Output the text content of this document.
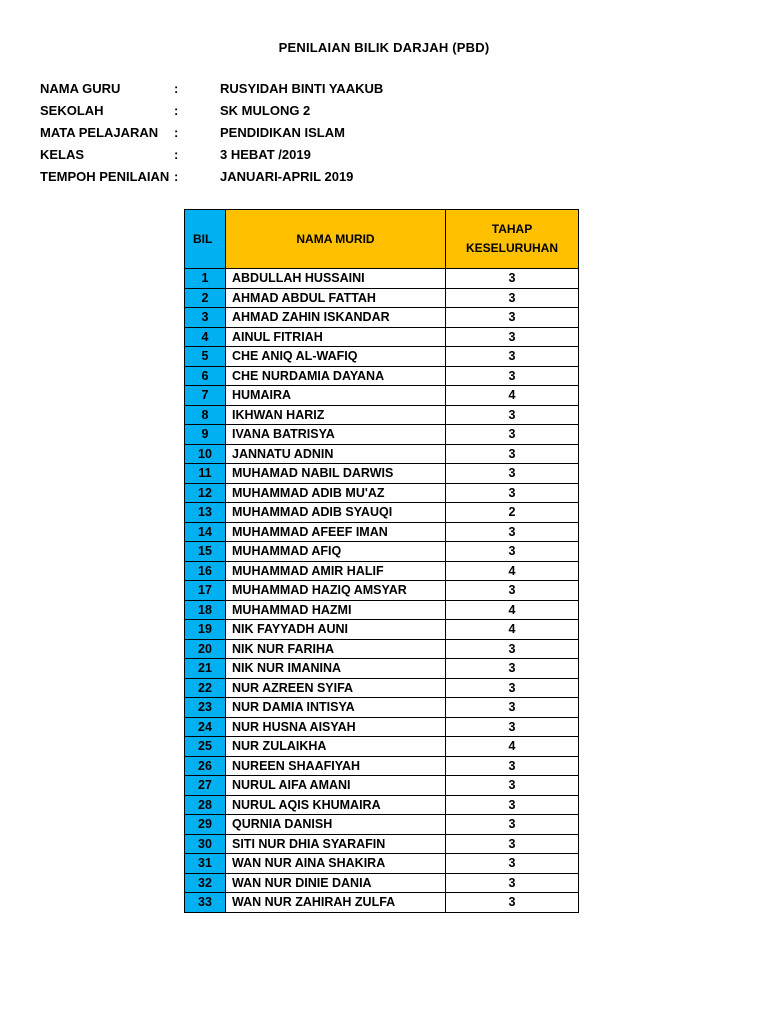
PENILAIAN BILIK DARJAH (PBD)
NAMA GURU	:	RUSYIDAH BINTI YAAKUB
SEKOLAH	:	SK MULONG 2
MATA PELAJARAN :	PENDIDIKAN ISLAM
KELAS	:	3 HEBAT /2019
TEMPOH PENILAIAN :	JANUARI-APRIL 2019
BIL	NAMA MURID	TAHAP
KESELURUHAN
1	ABDULLAH HUSSAINI	3
2	AHMAD ABDUL FATTAH	3
3	AHMAD ZAHIN ISKANDAR	3
4	AINUL FITRIAH	3
5	CHE ANIQ AL-WAFIQ	3
6	CHE NURDAMIA DAYANA	3
7	HUMAIRA	4
8	IKHWAN HARIZ	3
9	IVANA BATRISYA	3
10	JANNATU ADNIN	3
11	MUHAMAD NABIL DARWIS	3
12	MUHAMMAD ADIB MU'AZ	3
13	MUHAMMAD ADIB SYAUQI	2
14	MUHAMMAD AFEEF IMAN	3
15	MUHAMMAD AFIQ	3
16	MUHAMMAD AMIR HALIF	4
17	MUHAMMAD HAZIQ AMSYAR	3
18	MUHAMMAD HAZMI	4
19	NIK FAYYADH AUNI	4
20	NIK NUR FARIHA	3
21	NIK NUR IMANINA	3
22	NUR AZREEN SYIFA	3
23	NUR DAMIA INTISYA	3
24	NUR HUSNA AISYAH	3
25	NUR ZULAIKHA	4
26	NUREEN SHAAFIYAH	3
27	NURUL AIFA AMANI	3
28	NURUL AQIS KHUMAIRA	3
29	QURNIA DANISH	3
30	SITI NUR DHIA SYARAFIN	3
31	WAN NUR AINA SHAKIRA	3
32	WAN NUR DINIE DANIA	3
33	WAN NUR ZAHIRAH ZULFA	3
